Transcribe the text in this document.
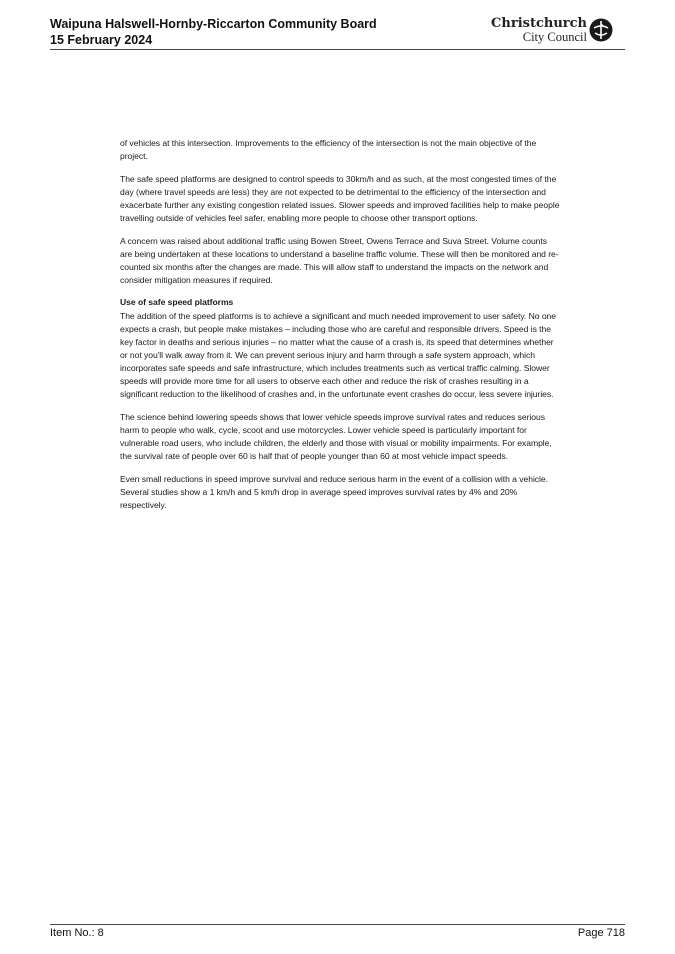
Waipuna Halswell-Hornby-Riccarton Community Board
15 February 2024
Christchurch
City Council

of vehicles at this intersection. Improvements to the efficiency of the intersection is not the main objective of the project.

The safe speed platforms are designed to control speeds to 30km/h and as such, at the most congested times of the day (where travel speeds are less) they are not expected to be detrimental to the efficiency of the intersection and exacerbate further any existing congestion related issues. Slower speeds and improved facilities help to make people travelling outside of vehicles feel safer, enabling more people to choose other transport options.

A concern was raised about additional traffic using Bowen Street, Owens Terrace and Suva Street. Volume counts are being undertaken at these locations to understand a baseline traffic volume. These will then be monitored and re-counted six months after the changes are made. This will allow staff to understand the impacts on the network and consider mitigation measures if required.

Use of safe speed platforms

The addition of the speed platforms is to achieve a significant and much needed improvement to user safety. No one expects a crash, but people make mistakes – including those who are careful and responsible drivers. Speed is the key factor in deaths and serious injuries – no matter what the cause of a crash is, its speed that determines whether or not you'll walk away from it. We can prevent serious injury and harm through a safe system approach, which incorporates safe speeds and safe infrastructure, which includes treatments such as vertical traffic calming. Slower speeds will provide more time for all users to observe each other and reduce the risk of crashes resulting in a significant reduction to the likelihood of crashes and, in the unfortunate event crashes do occur, less severe injuries.

The science behind lowering speeds shows that lower vehicle speeds improve survival rates and reduces serious harm to people who walk, cycle, scoot and use motorcycles. Lower vehicle speed is particularly important for vulnerable road users, who include children, the elderly and those with visual or mobility impairments. For example, the survival rate of people over 60 is half that of people younger than 60 at most vehicle impact speeds.

Even small reductions in speed improve survival and reduce serious harm in the event of a collision with a vehicle. Several studies show a 1 km/h and 5 km/h drop in average speed improves survival rates by 4% and 20% respectively.

Item No.: 8	Page 718
